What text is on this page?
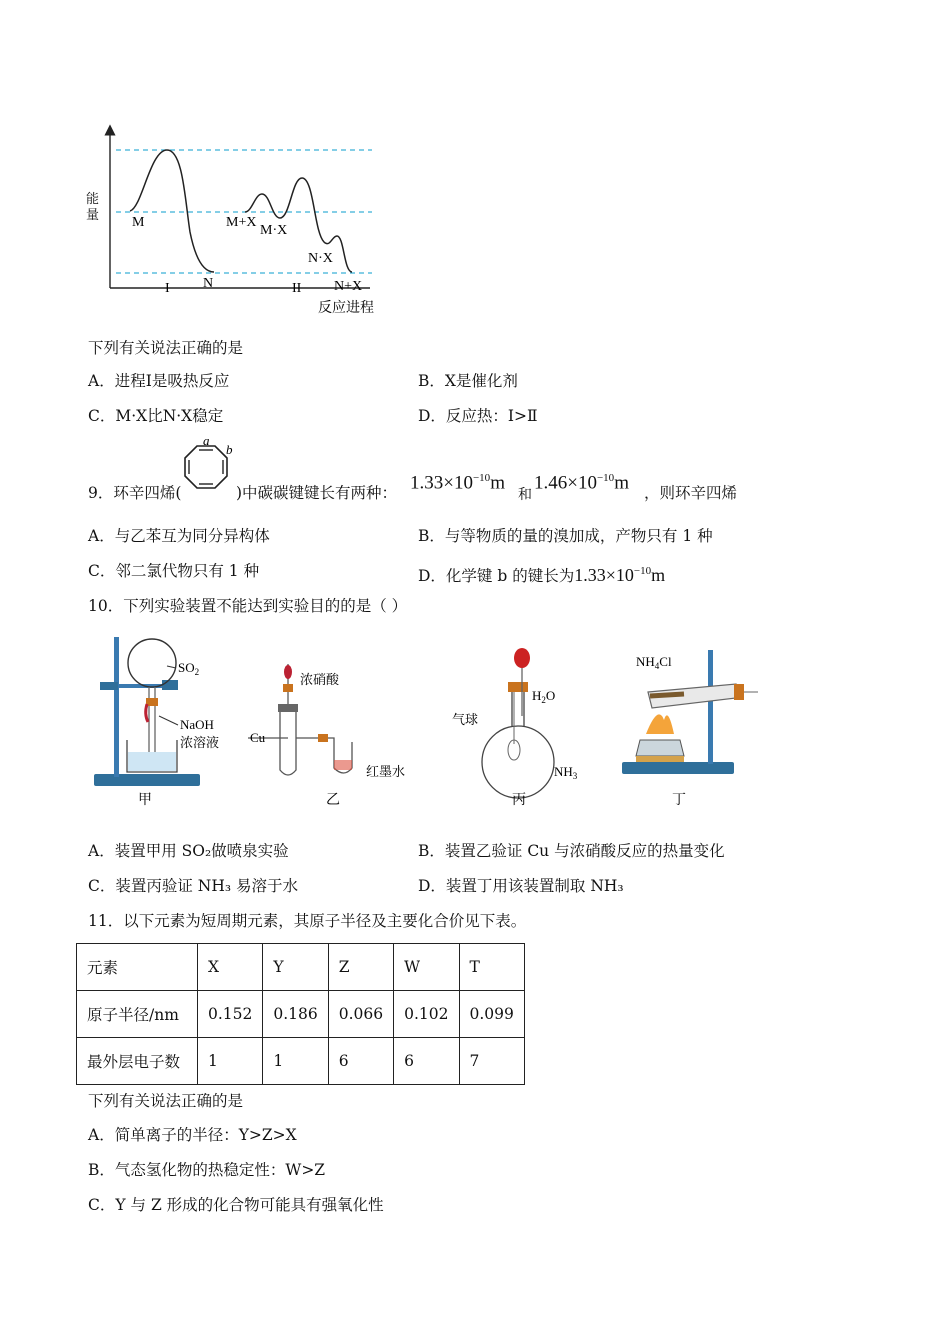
M
I N
M+X
M·X
II
N·X
N+X
反应进程
能量
下列有关说法正确的是
A．进程Ⅰ是吸热反应	B．X是催化剂
C．M·X比N·X稳定	D．反应热：Ⅰ>Ⅱ
9．环辛四烯(
a
b
)中碳碳键键长有两种： $1.33\times 10^{-10}m$
和
$1.46\times 10^{-10}m$ ，则环辛四烯
A．与乙苯互为同分异构体	B．与等物质的量的溴加成，产物只有 1 种
C．邻二氯代物只有 1 种	D．化学键 b 的键长为$1.33\times 10^{-10}m$
10．下列实验装置不能达到实验目的的是（ ）
$SO_2$
NaOH
浓溶液
甲
浓硝酸
Cu
红墨水
乙
$H_2O$
气球
$NH_3$
丙
$NH_4Cl$
丁
A．装置甲用 SO₂做喷泉实验	B．装置乙验证 Cu 与浓硝酸反应的热量变化
C．装置丙验证 NH₃ 易溶于水	D．装置丁用该装置制取 NH₃
11．以下元素为短周期元素，其原子半径及主要化合价见下表。
元素	X	Y	Z	W	T
原子半径/nm	0.152	0.186	0.066	0.102	0.099
最外层电子数	1	1	6	6	7
下列有关说法正确的是
A．简单离子的半径：Y>Z>X
B．气态氢化物的热稳定性：W>Z
C．Y 与 Z 形成的化合物可能具有强氧化性
